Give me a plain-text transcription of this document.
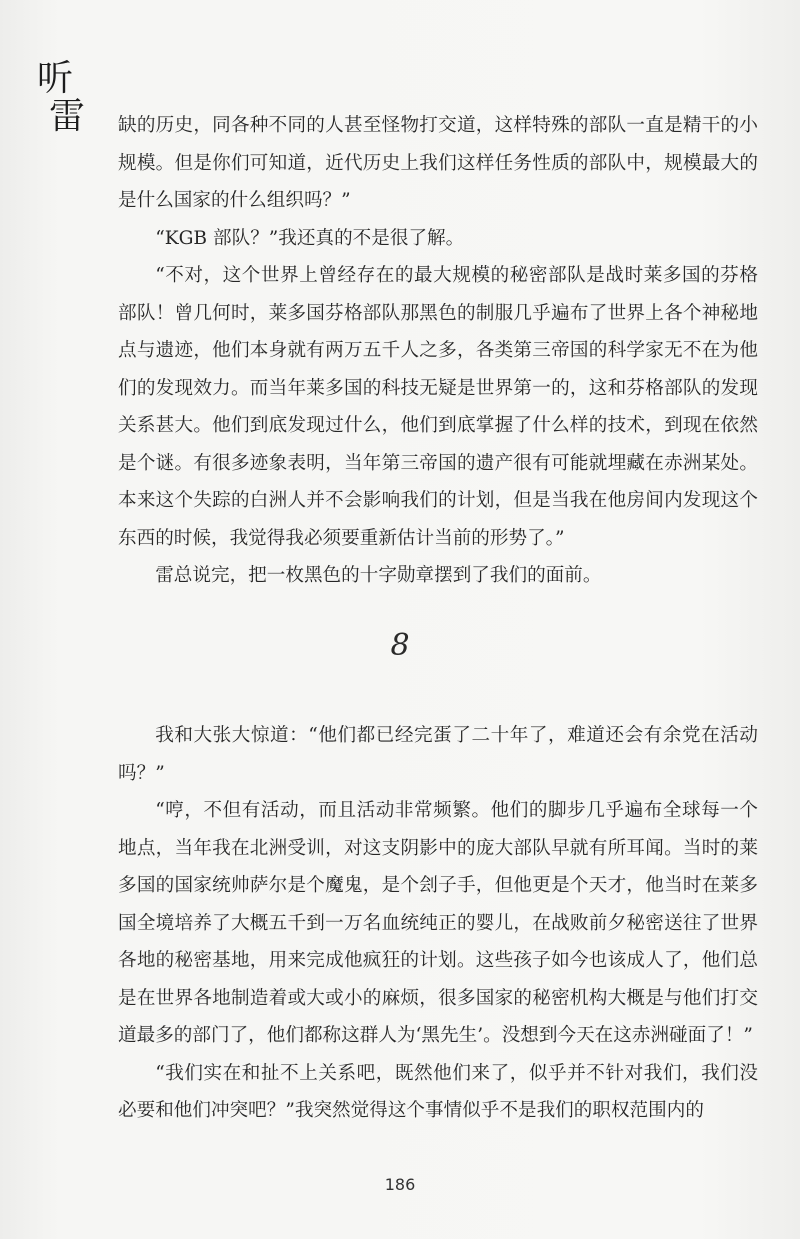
听
雷 缺的历史，同各种不同的人甚至怪物打交道，这样特殊的部队一直是精干的小规模。但是你们可知道，近代历史上我们这样任务性质的部队中，规模最大的是什么国家的什么组织吗？”

“KGB 部队？”我还真的不是很了解。

“不对，这个世界上曾经存在的最大规模的秘密部队是战时莱多国的芬格部队！曾几何时，莱多国芬格部队那黑色的制服几乎遍布了世界上各个神秘地点与遗迹，他们本身就有两万五千人之多，各类第三帝国的科学家无不在为他们的发现效力。而当年莱多国的科技无疑是世界第一的，这和芬格部队的发现关系甚大。他们到底发现过什么，他们到底掌握了什么样的技术，到现在依然是个谜。有很多迹象表明，当年第三帝国的遗产很有可能就埋藏在赤洲某处。本来这个失踪的白洲人并不会影响我们的计划，但是当我在他房间内发现这个东西的时候，我觉得我必须要重新估计当前的形势了。”

雷总说完，把一枚黑色的十字勋章摆到了我们的面前。

8

我和大张大惊道：“他们都已经完蛋了二十年了，难道还会有余党在活动吗？”

“哼，不但有活动，而且活动非常频繁。他们的脚步几乎遍布全球每一个地点，当年我在北洲受训，对这支阴影中的庞大部队早就有所耳闻。当时的莱多国的国家统帅萨尔是个魔鬼，是个刽子手，但他更是个天才，他当时在莱多国全境培养了大概五千到一万名血统纯正的婴儿，在战败前夕秘密送往了世界各地的秘密基地，用来完成他疯狂的计划。这些孩子如今也该成人了，他们总是在世界各地制造着或大或小的麻烦，很多国家的秘密机构大概是与他们打交道最多的部门了，他们都称这群人为‘黑先生’。没想到今天在这赤洲碰面了！”

“我们实在和扯不上关系吧，既然他们来了，似乎并不针对我们，我们没必要和他们冲突吧？”我突然觉得这个事情似乎不是我们的职权范围内的

186
